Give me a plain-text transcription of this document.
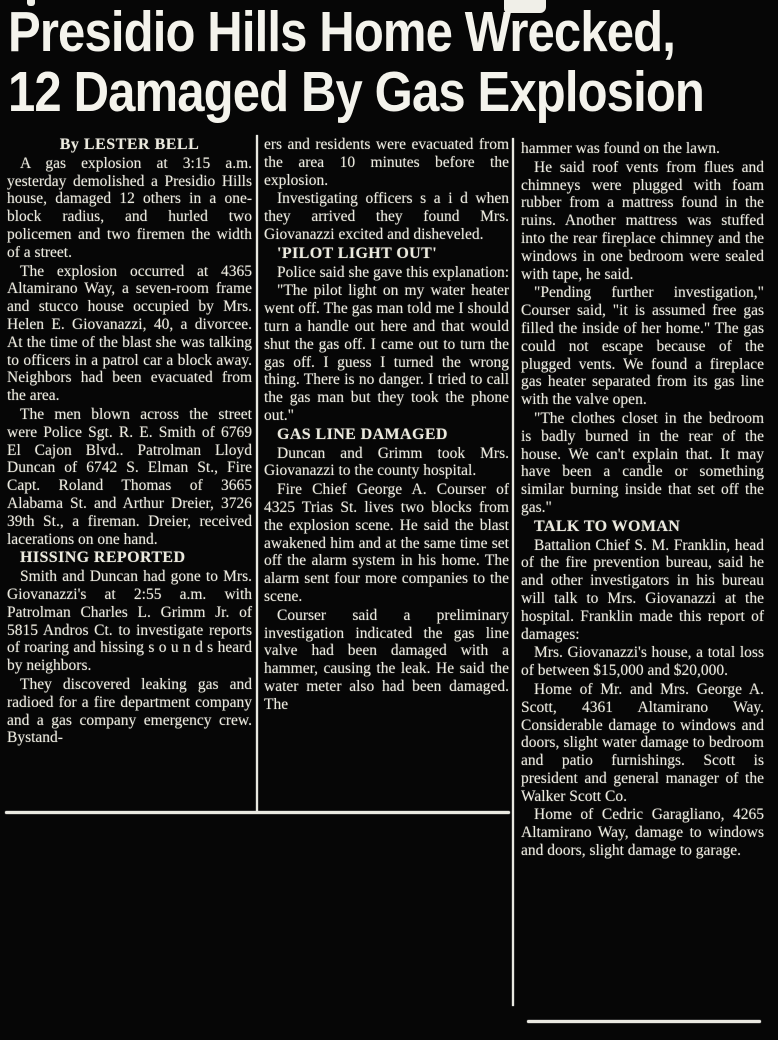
Presidio Hills Home Wrecked,
12 Damaged By Gas Explosion

By LESTER BELL

A gas explosion at 3:15 a.m. yesterday demolished a Presidio Hills house, damaged 12 others in a one-block radius, and hurled two policemen and two firemen the width of a street.

The explosion occurred at 4365 Altamirano Way, a seven-room frame and stucco house occupied by Mrs. Helen E. Giovanazzi, 40, a divorcee. At the time of the blast she was talking to officers in a patrol car a block away. Neighbors had been evacuated from the area.

The men blown across the street were Police Sgt. R. E. Smith of 6769 El Cajon Blvd.. Patrolman Lloyd Duncan of 6742 S. Elman St., Fire Capt. Roland Thomas of 3665 Alabama St. and Arthur Dreier, 3726 39th St., a fireman. Dreier, received lacerations on one hand.

HISSING REPORTED

Smith and Duncan had gone to Mrs. Giovanazzi's at 2:55 a.m. with Patrolman Charles L. Grimm Jr. of 5815 Andros Ct. to investigate reports of roaring and hissing s o u n d s heard by neighbors.

They discovered leaking gas and radioed for a fire department company and a gas company emergency crew. Bystand-

ers and residents were evacuated from the area 10 minutes before the explosion.

Investigating officers s a i d when they arrived they found Mrs. Giovanazzi excited and disheveled.

'PILOT LIGHT OUT'

Police said she gave this explanation:

"The pilot light on my water heater went off. The gas man told me I should turn a handle out here and that would shut the gas off. I came out to turn the gas off. I guess I turned the wrong thing. There is no danger. I tried to call the gas man but they took the phone out."

GAS LINE DAMAGED

Duncan and Grimm took Mrs. Giovanazzi to the county hospital.

Fire Chief George A. Courser of 4325 Trias St. lives two blocks from the explosion scene. He said the blast awakened him and at the same time set off the alarm system in his home. The alarm sent four more companies to the scene.

Courser said a preliminary investigation indicated the gas line valve had been damaged with a hammer, causing the leak. He said the water meter also had been damaged. The

hammer was found on the lawn.

He said roof vents from flues and chimneys were plugged with foam rubber from a mattress found in the ruins. Another mattress was stuffed into the rear fireplace chimney and the windows in one bedroom were sealed with tape, he said.

"Pending further investigation," Courser said, "it is assumed free gas filled the inside of her home." The gas could not escape because of the plugged vents. We found a fireplace gas heater separated from its gas line with the valve open.

"The clothes closet in the bedroom is badly burned in the rear of the house. We can't explain that. It may have been a candle or something similar burning inside that set off the gas."

TALK TO WOMAN

Battalion Chief S. M. Franklin, head of the fire prevention bureau, said he and other investigators in his bureau will talk to Mrs. Giovanazzi at the hospital. Franklin made this report of damages:

Mrs. Giovanazzi's house, a total loss of between $15,000 and $20,000.

Home of Mr. and Mrs. George A. Scott, 4361 Altamirano Way. Considerable damage to windows and doors, slight water damage to bedroom and patio furnishings. Scott is president and general manager of the Walker Scott Co.

Home of Cedric Garagliano, 4265 Altamirano Way, damage to windows and doors, slight damage to garage.
